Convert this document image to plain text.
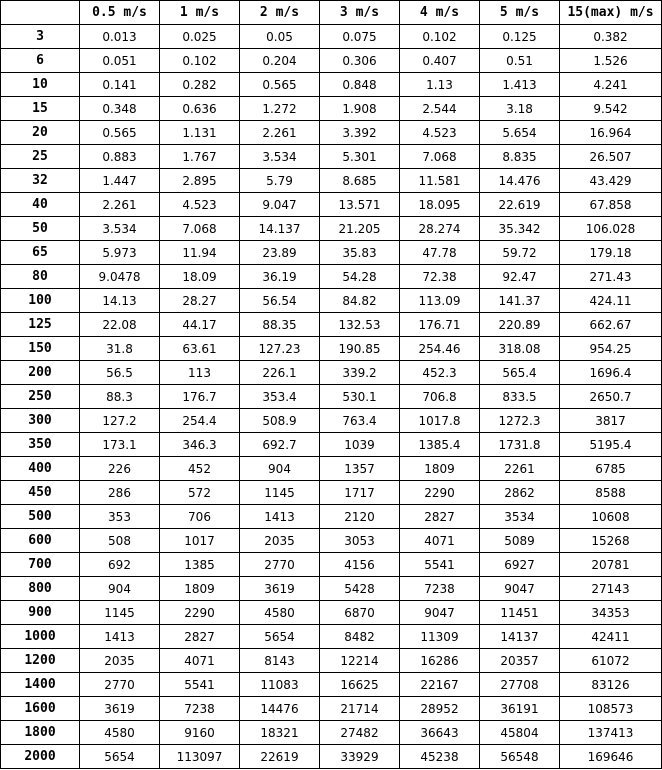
	0.5 m/s	1 m/s	2 m/s	3 m/s	4 m/s	5 m/s	15(max) m/s
3	0.013	0.025	0.05	0.075	0.102	0.125	0.382
6	0.051	0.102	0.204	0.306	0.407	0.51	1.526
10	0.141	0.282	0.565	0.848	1.13	1.413	4.241
15	0.348	0.636	1.272	1.908	2.544	3.18	9.542
20	0.565	1.131	2.261	3.392	4.523	5.654	16.964
25	0.883	1.767	3.534	5.301	7.068	8.835	26.507
32	1.447	2.895	5.79	8.685	11.581	14.476	43.429
40	2.261	4.523	9.047	13.571	18.095	22.619	67.858
50	3.534	7.068	14.137	21.205	28.274	35.342	106.028
65	5.973	11.94	23.89	35.83	47.78	59.72	179.18
80	9.0478	18.09	36.19	54.28	72.38	92.47	271.43
100	14.13	28.27	56.54	84.82	113.09	141.37	424.11
125	22.08	44.17	88.35	132.53	176.71	220.89	662.67
150	31.8	63.61	127.23	190.85	254.46	318.08	954.25
200	56.5	113	226.1	339.2	452.3	565.4	1696.4
250	88.3	176.7	353.4	530.1	706.8	833.5	2650.7
300	127.2	254.4	508.9	763.4	1017.8	1272.3	3817
350	173.1	346.3	692.7	1039	1385.4	1731.8	5195.4
400	226	452	904	1357	1809	2261	6785
450	286	572	1145	1717	2290	2862	8588
500	353	706	1413	2120	2827	3534	10608
600	508	1017	2035	3053	4071	5089	15268
700	692	1385	2770	4156	5541	6927	20781
800	904	1809	3619	5428	7238	9047	27143
900	1145	2290	4580	6870	9047	11451	34353
1000	1413	2827	5654	8482	11309	14137	42411
1200	2035	4071	8143	12214	16286	20357	61072
1400	2770	5541	11083	16625	22167	27708	83126
1600	3619	7238	14476	21714	28952	36191	108573
1800	4580	9160	18321	27482	36643	45804	137413
2000	5654	113097	22619	33929	45238	56548	169646
